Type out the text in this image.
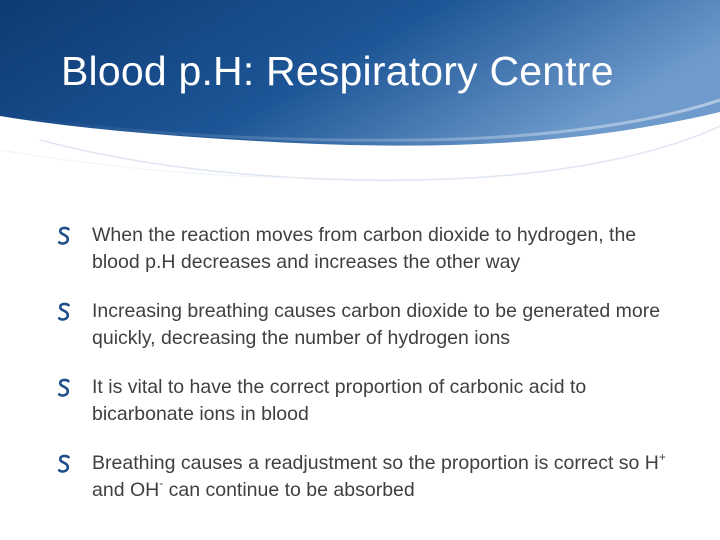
Blood p.H: Respiratory Centre
When the reaction moves from carbon dioxide to hydrogen, the blood p.H decreases and increases the other way
Increasing breathing causes carbon dioxide to be generated more quickly, decreasing the number of hydrogen ions
It is vital to have the correct proportion of carbonic acid to bicarbonate ions in blood
Breathing causes a readjustment so the proportion is correct so H+ and OH- can continue to be absorbed
